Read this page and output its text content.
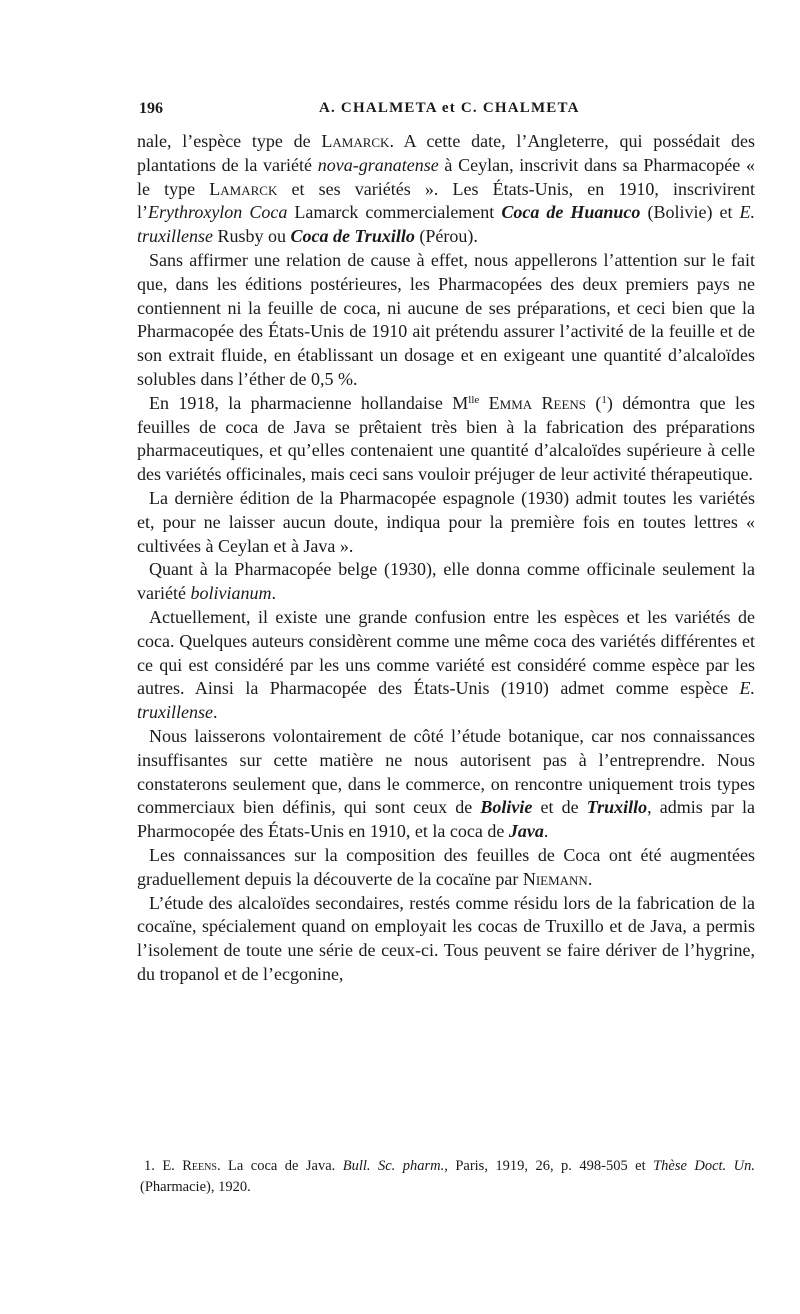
196	A. CHALMETA et C. CHALMETA

nale, l’espèce type de Lamarck. A cette date, l’Angleterre, qui possédait des plantations de la variété nova-granatense à Ceylan, inscrivit dans sa Pharmacopée « le type Lamarck et ses variétés ». Les États-Unis, en 1910, inscrivirent l’Erythroxylon Coca Lamarck commercialement Coca de Huanuco (Bolivie) et E. truxillense Rusby ou Coca de Truxillo (Pérou).

Sans affirmer une relation de cause à effet, nous appellerons l’attention sur le fait que, dans les éditions postérieures, les Pharmacopées des deux premiers pays ne contiennent ni la feuille de coca, ni aucune de ses préparations, et ceci bien que la Pharmacopée des États-Unis de 1910 ait prétendu assurer l’activité de la feuille et de son extrait fluide, en établissant un dosage et en exigeant une quantité d’alcaloïdes solubles dans l’éther de 0,5 %.

En 1918, la pharmacienne hollandaise $M^{lle}$ Emma Reens ($^1$) démontra que les feuilles de coca de Java se prêtaient très bien à la fabrication des préparations pharmaceutiques, et qu’elles contenaient une quantité d’alcaloïdes supérieure à celle des variétés officinales, mais ceci sans vouloir préjuger de leur activité thérapeutique.

La dernière édition de la Pharmacopée espagnole (1930) admit toutes les variétés et, pour ne laisser aucun doute, indiqua pour la première fois en toutes lettres « cultivées à Ceylan et à Java ».

Quant à la Pharmacopée belge (1930), elle donna comme officinale seulement la variété bolivianum.

Actuellement, il existe une grande confusion entre les espèces et les variétés de coca. Quelques auteurs considèrent comme une même coca des variétés différentes et ce qui est considéré par les uns comme variété est considéré comme espèce par les autres. Ainsi la Pharmacopée des États-Unis (1910) admet comme espèce E. truxillense.

Nous laisserons volontairement de côté l’étude botanique, car nos connaissances insuffisantes sur cette matière ne nous autorisent pas à l’entreprendre. Nous constaterons seulement que, dans le commerce, on rencontre uniquement trois types commerciaux bien définis, qui sont ceux de Bolivie et de Truxillo, admis par la Pharmocopée des États-Unis en 1910, et la coca de Java.

Les connaissances sur la composition des feuilles de Coca ont été augmentées graduellement depuis la découverte de la cocaïne par Niemann.

L’étude des alcaloïdes secondaires, restés comme résidu lors de la fabrication de la cocaïne, spécialement quand on employait les cocas de Truxillo et de Java, a permis l’isolement de toute une série de ceux-ci. Tous peuvent se faire dériver de l’hygrine, du tropanol et de l’ecgonine,

1. E. Reens. La coca de Java. Bull. Sc. pharm., Paris, 1919, 26, p. 498-505 et Thèse Doct. Un. (Pharmacie), 1920.
